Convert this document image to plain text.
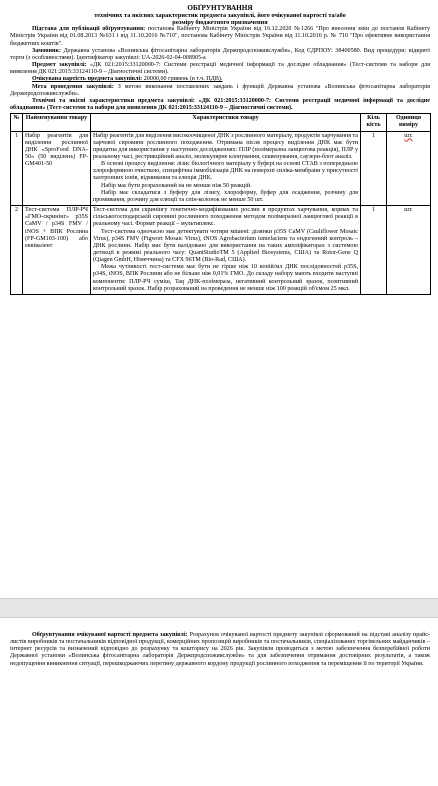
ОБҐРУНТУВАННЯ
технічних та якісних характеристик предмета закупівлі, його очікуваної вартості та/або
розміру бюджетного призначення

Підстава для публікації обґрунтування: постанова Кабінету Міністрів України від 16.12.2020 №1266 "Про внесення змін до постанов Кабінету Міністрів України від 01.08.2013 №631 і від 11.10.2016 №710", постанова Кабінету Міністрів України від 11.10.2016 р. № 710 "Про ефективне використання бюджетних коштів".

Замовник: Державна установа «Волинська фітосанітарна лабораторія Держпродспоживслужби», Код ЄДРПОУ: 38400580. Вид процедури: відкриті торги (з особливостями). Ідентифікатор закупівлі: UA-2026-02-04-008905-a

Предмет закупівлі: «ДК 021:2015:33120000-7: Системи реєстрації медичної інформації та дослідне обладнання» (Тест-системи та набори для виявлення ДК 021:2015:33124110-9 – Діагностичні системи).

Очікувана вартість предмета закупівлі: 20000,00 гривень (в т.ч. ПДВ).

Мета проведення закупівлі: З метою виконання поставлених завдань і функцій Державна установа «Волинська фітосанітарна лабораторія Держпродспоживслужби».

Технічні та якісні характеристики предмета закупівлі: «ДК 021:2015:33120000-7: Системи реєстрації медичної інформації та дослідне обладнання» (Тест-системи та набори для виявлення ДК 021:2015:33124110-9 – Діагностичні системи).

№	Найменування товару	Характеристики товару	Кіль кість	Одиниця виміру
1	Набір реагентів для виділення рослинної ДНК «SproFood DNA-50» (50 виділень) FP-GM401-50	Набір реагентів для виділення високоочищеної ДНК з рослинного матеріалу, продуктів харчування та харчової сировини рослинного походження. Отримана після процесу виділення ДНК має бути придатна для використання у наступних дослідженнях: ПЛР (полімеразна ланцюгова реакція), ПЛР у реальному часі, рестрикційний аналіз, молекулярне клонування, секвенування, саузерн-блот аналіз.

В основі процесу виділення: лізис біологічного матеріалу у буфері на основі СТАВ з попередньою хлороформною очисткою, специфічна іммобілізація ДНК на поверхні силіка-мембрани у присутності хаотропних іонів, відмивання та елюція ДНК.

Набір має бути розрахований на не менше ніж 50 реакцій.

Набір має складатися з буферу для лізису, хлороформу, буфер для осадження, розчину для промивання, розчину для елюції та спін-колонок не менше 50 шт.	1	шт.
2	Тест-система ПЛР-РЧ «ГМО-скринінг» p35S CaMV / p34S FMV / tNOS + ВПК Рослина (FP-GM103-100) або еквівалент	Тест-система для скринінгу генетично-модифікованих рослин в продуктах харчування, кормах та сільськогосподарській сировині рослинного походження методом полімеразної ланцюгової реакції в реальному часі. Формат реакції – мультиплекс.

Тест-система одночасно має детектувати чотири мішені: ділянки p35S CaMV (Cauliflower Mosaic Virus), p34S FMV (Figwort Mosaic Virus), tNOS Agrobacterium tumefaciens та ендогенний контроль – ДНК рослини. Набір має бути валідовано для використання на таких ампліфікаторах з системою детекції в режимі реального часу: QuantStudioTM 5 (Applied Biosystems, США) та Rotor-Gene Q (Qiagen GmbH, Німеччина) та CFX 96TM (Bio-Rad, США).

Межа чутливості тест-системи має бути не гірше ніж 10 копій/мл ДНК послідовностей p35S, p34S, tNOS, ВПК Рослини або не більше ніж 0,01% ГМО. До складу набору мають входити наступні компоненти: ПЛР-РЧ суміш, Taq ДНК-полімераза, негативний контрольний зразок, позитивний контрольний зразок. Набір розрахований на проведення не менше ніж 100 реакцій об'ємом 25 мкл.	1	шт.

Обґрунтування очікуваної вартості предмета закупівлі: Розрахунок очікуваної вартості предмету закупівлі сформований на підставі аналізу прайс-листів виробників та постачальників відповідної продукції, комерційних пропозицій виробників та постачальників, спеціалізованих торгівельних майданчиків – інтернет ресурсів та визначений відповідно до розрахунку та кошторису на 2026 рік. Закупівля проводиться з метою забезпечення безперебійної роботи Державної установи «Волинська фітосанітарна лабораторія Держпродспоживслужби» та для забезпечення отримання достовірних результатів, а також недопущення виникнення ситуації, перешкоджаючих перетину державного кордону продукції рослинного походження та переміщення її по території України.
